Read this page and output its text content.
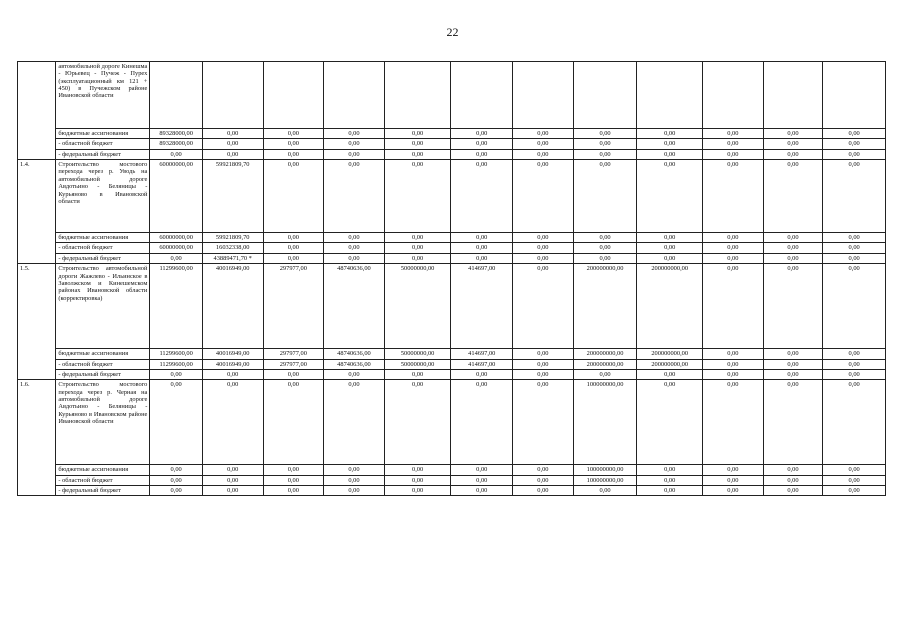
22
	автомобильной дороге Кинешма - Юрьевец - Пучеж - Пурех (эксплуатационный км 121 + 450) в Пучежском районе Ивановской области												
	бюджетные ассигнования	89328000,00	0,00	0,00	0,00	0,00	0,00	0,00	0,00	0,00	0,00	0,00	0,00
	- областной бюджет	89328000,00	0,00	0,00	0,00	0,00	0,00	0,00	0,00	0,00	0,00	0,00	0,00
	- федеральный бюджет	0,00	0,00	0,00	0,00	0,00	0,00	0,00	0,00	0,00	0,00	0,00	0,00
1.4.	Строительство мостового перехода через р. Уводь на автомобильной дороге Авдотьино - Беляницы - Курьяново в Ивановской области	60000000,00	59921809,70	0,00	0,00	0,00	0,00	0,00	0,00	0,00	0,00	0,00	0,00
	бюджетные ассигнования	60000000,00	59921809,70	0,00	0,00	0,00	0,00	0,00	0,00	0,00	0,00	0,00	0,00
	- областной бюджет	60000000,00	16032338,00	0,00	0,00	0,00	0,00	0,00	0,00	0,00	0,00	0,00	0,00
	- федеральный бюджет	0,00	43889471,70 *	0,00	0,00	0,00	0,00	0,00	0,00	0,00	0,00	0,00	0,00
1.5.	Строительство автомобильной дороги Жажлево - Ильинское в Заволжском и Кинешемском районах Ивановской области (корректировка)	11299600,00	40016949,00	297977,00	48740636,00	50000000,00	414697,00	0,00	200000000,00	200000000,00	0,00	0,00	0,00
	бюджетные ассигнования	11299600,00	40016949,00	297977,00	48740636,00	50000000,00	414697,00	0,00	200000000,00	200000000,00	0,00	0,00	0,00
	- областной бюджет	11299600,00	40016949,00	297977,00	48740636,00	50000000,00	414697,00	0,00	200000000,00	200000000,00	0,00	0,00	0,00
	- федеральный бюджет	0,00	0,00	0,00	0,00	0,00	0,00	0,00	0,00	0,00	0,00	0,00	0,00
1.6.	Строительство мостового перехода через р. Черная на автомобильной дороге Авдотьино - Беляницы - Курьяново в Ивановском районе Ивановской области	0,00	0,00	0,00	0,00	0,00	0,00	0,00	100000000,00	0,00	0,00	0,00	0,00
	бюджетные ассигнования	0,00	0,00	0,00	0,00	0,00	0,00	0,00	100000000,00	0,00	0,00	0,00	0,00
	- областной бюджет	0,00	0,00	0,00	0,00	0,00	0,00	0,00	100000000,00	0,00	0,00	0,00	0,00
	- федеральный бюджет	0,00	0,00	0,00	0,00	0,00	0,00	0,00	0,00	0,00	0,00	0,00	0,00
